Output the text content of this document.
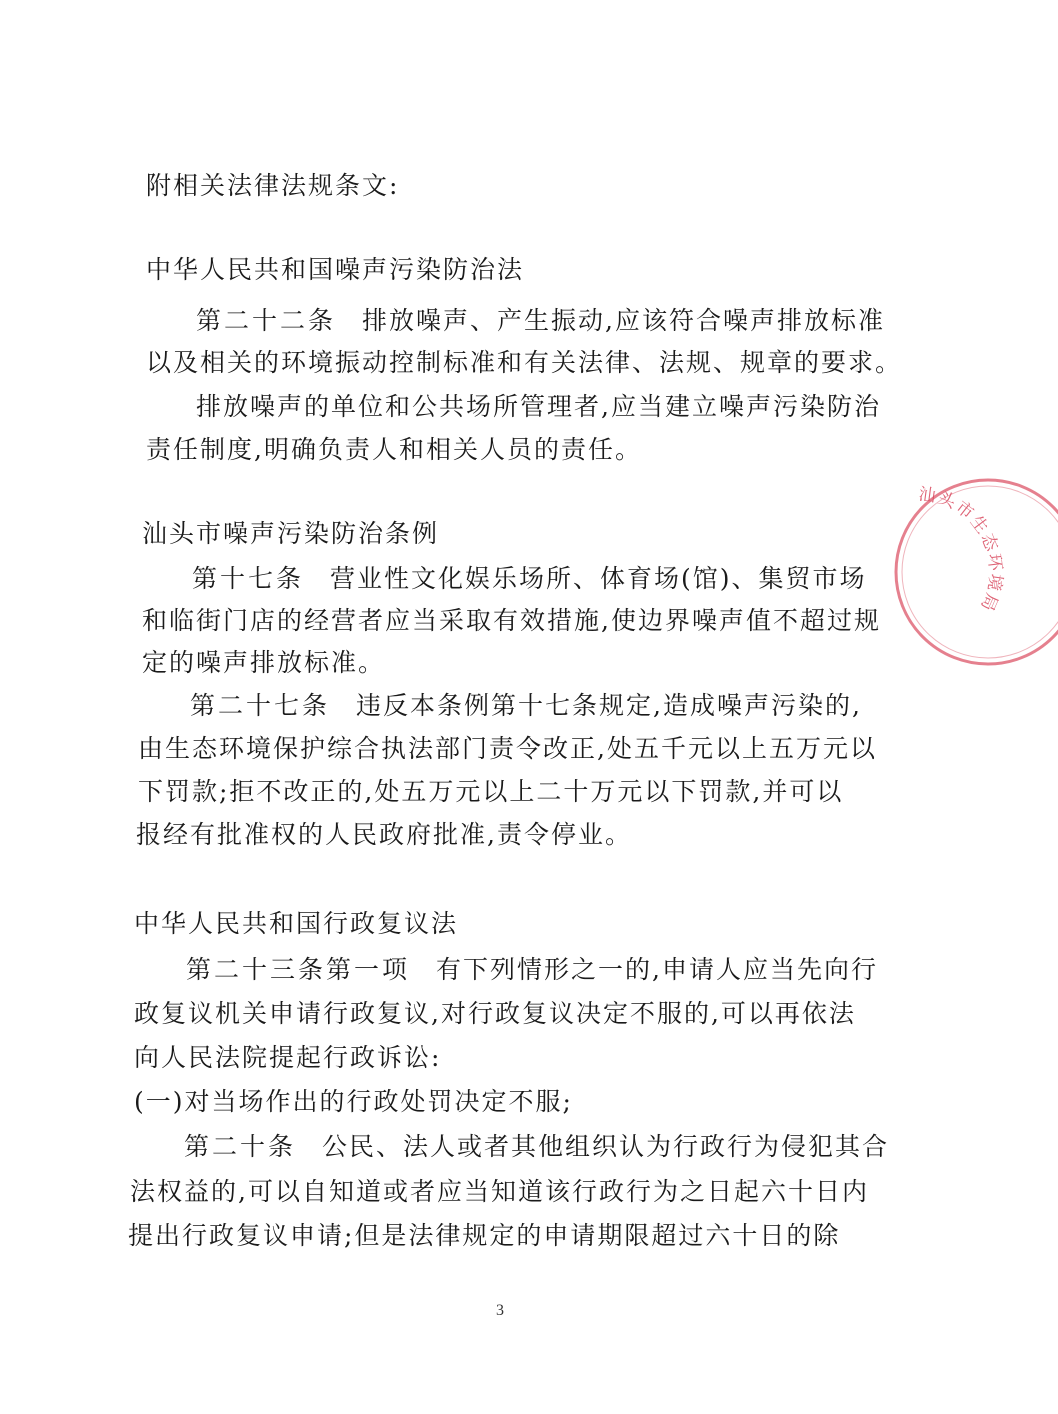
附相关法律法规条文:
中华人民共和国噪声污染防治法
第二十二条 排放噪声、产生振动,应该符合噪声排放标准
以及相关的环境振动控制标准和有关法律、法规、规章的要求。
排放噪声的单位和公共场所管理者,应当建立噪声污染防治
责任制度,明确负责人和相关人员的责任。
汕头市噪声污染防治条例
第十七条 营业性文化娱乐场所、体育场(馆)、集贸市场
和临街门店的经营者应当采取有效措施,使边界噪声值不超过规
定的噪声排放标准。
第二十七条 违反本条例第十七条规定,造成噪声污染的,
由生态环境保护综合执法部门责令改正,处五千元以上五万元以
下罚款;拒不改正的,处五万元以上二十万元以下罚款,并可以
报经有批准权的人民政府批准,责令停业。
中华人民共和国行政复议法
第二十三条第一项 有下列情形之一的,申请人应当先向行
政复议机关申请行政复议,对行政复议决定不服的,可以再依法
向人民法院提起行政诉讼:
(一)对当场作出的行政处罚决定不服;
第二十条 公民、法人或者其他组织认为行政行为侵犯其合
法权益的,可以自知道或者应当知道该行政行为之日起六十日内
提出行政复议申请;但是法律规定的申请期限超过六十日的除
3
汕头市生态环境局
